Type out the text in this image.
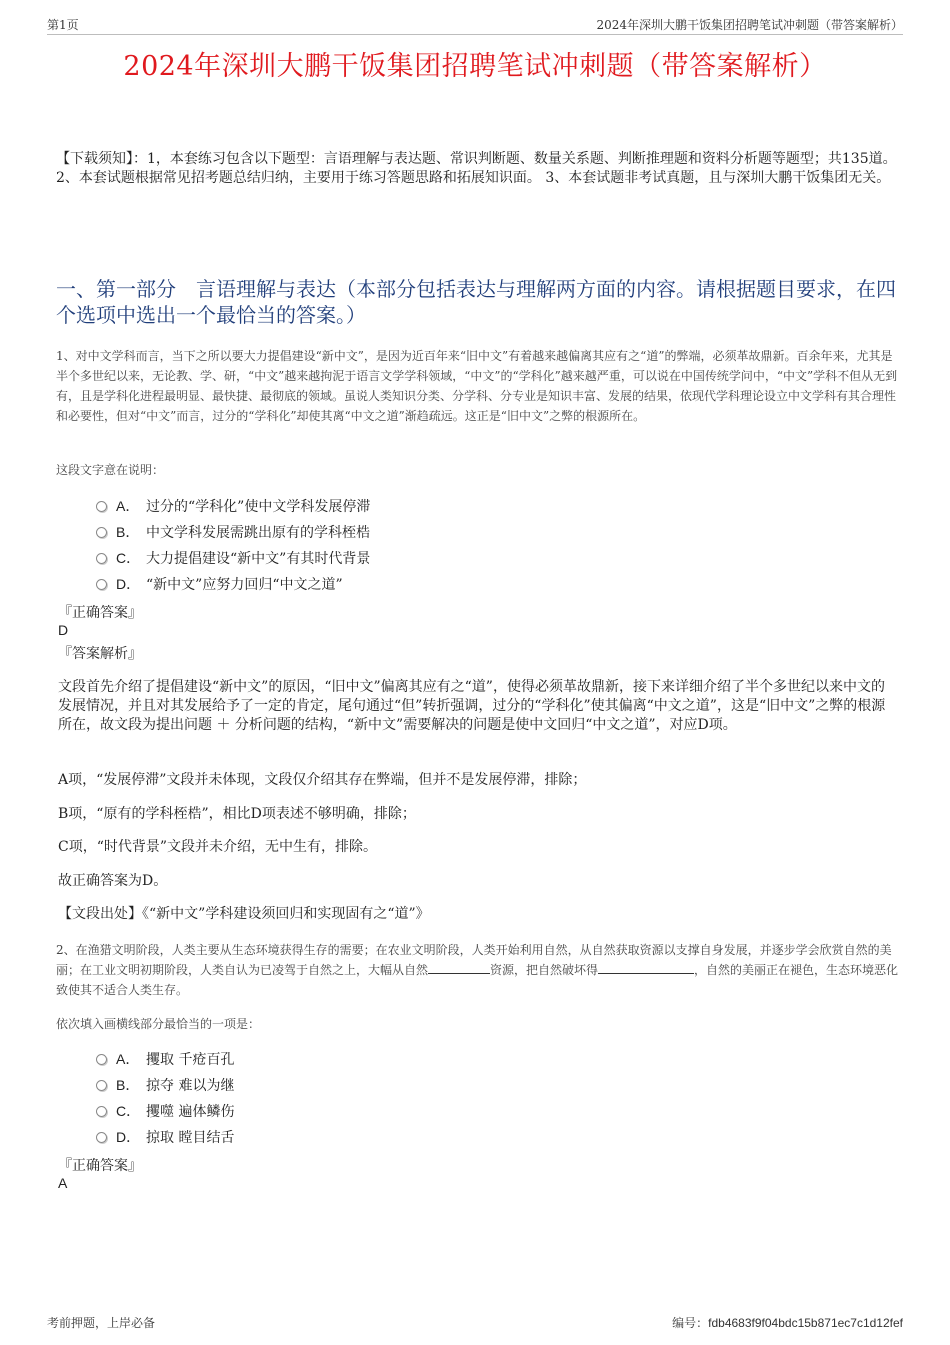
第1页	2024年深圳大鹏干饭集团招聘笔试冲刺题（带答案解析）
2024年深圳大鹏干饭集团招聘笔试冲刺题（带答案解析）
【下载须知】：1，本套练习包含以下题型：言语理解与表达题、常识判断题、数量关系题、判断推理题和资料分析题等题型；共135道。 2、本套试题根据常见招考题总结归纳，主要用于练习答题思路和拓展知识面。 3、本套试题非考试真题，且与深圳大鹏干饭集团无关。
一、第一部分　言语理解与表达（本部分包括表达与理解两方面的内容。请根据题目要求，在四个选项中选出一个最恰当的答案。）
1、对中文学科而言，当下之所以要大力提倡建设“新中文”，是因为近百年来“旧中文”有着越来越偏离其应有之“道”的弊端，必须革故鼎新。百余年来，尤其是半个多世纪以来，无论教、学、研，“中文”越来越拘泥于语言文学学科领域，“中文”的“学科化”越来越严重，可以说在中国传统学问中，“中文”学科不但从无到有，且是学科化进程最明显、最快捷、最彻底的领域。虽说人类知识分类、分学科、分专业是知识丰富、发展的结果，依现代学科理论设立中文学科有其合理性和必要性，但对“中文”而言，过分的“学科化”却使其离“中文之道”渐趋疏远。这正是“旧中文”之弊的根源所在。
这段文字意在说明：
A． 过分的“学科化”使中文学科发展停滞
B． 中文学科发展需跳出原有的学科桎梏
C． 大力提倡建设“新中文”有其时代背景
D． “新中文”应努力回归“中文之道”
『正确答案』
D
『答案解析』
文段首先介绍了提倡建设“新中文”的原因，“旧中文”偏离其应有之“道”，使得必须革故鼎新，接下来详细介绍了半个多世纪以来中文的发展情况，并且对其发展给予了一定的肯定，尾句通过“但”转折强调，过分的“学科化”使其偏离“中文之道”，这是“旧中文”之弊的根源所在，故文段为提出问题 ＋ 分析问题的结构，“新中文”需要解决的问题是使中文回归“中文之道”，对应D项。
A项，“发展停滞”文段并未体现，文段仅介绍其存在弊端，但并不是发展停滞，排除；
B项，“原有的学科桎梏”，相比D项表述不够明确，排除；
C项，“时代背景”文段并未介绍，无中生有，排除。
故正确答案为D。
【文段出处】《“新中文”学科建设须回归和实现固有之“道”》
2、在渔猎文明阶段，人类主要从生态环境获得生存的需要；在农业文明阶段，人类开始利用自然，从自然获取资源以支撑自身发展，并逐步学会欣赏自然的美丽；在工业文明初期阶段，人类自认为已凌驾于自然之上，大幅从自然	资源，把自然破坏得	，自然的美丽正在褪色，生态环境恶化致使其不适合人类生存。
依次填入画横线部分最恰当的一项是：
A． 攫取 千疮百孔
B． 掠夺 难以为继
C． 攫噬 遍体鳞伤
D． 掠取 瞠目结舌
『正确答案』
A
考前押题，上岸必备	编号：fdb4683f9f04bdc15b871ec7c1d12fef
